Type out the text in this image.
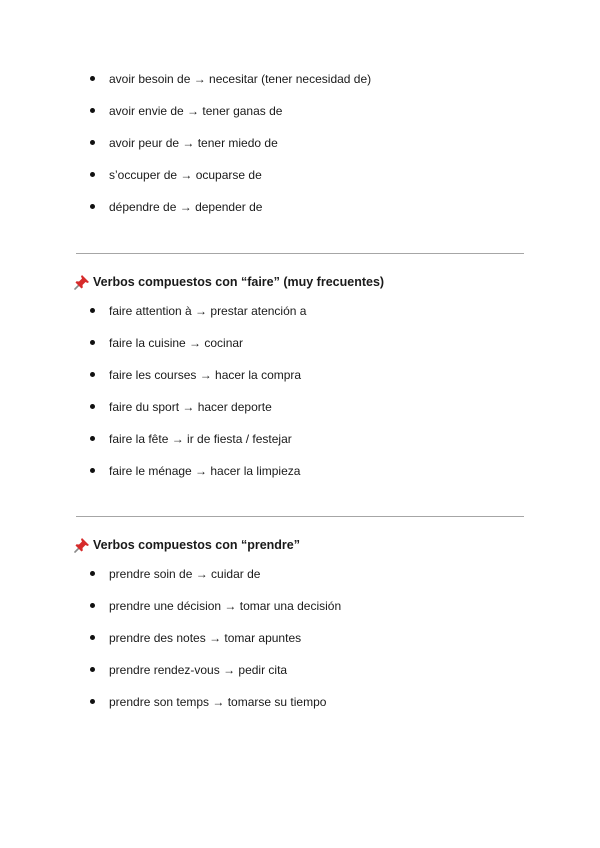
avoir besoin de → necesitar (tener necesidad de)
avoir envie de → tener ganas de
avoir peur de → tener miedo de
s’occuper de → ocuparse de
dépendre de → depender de
Verbos compuestos con “faire” (muy frecuentes)
faire attention à → prestar atención a
faire la cuisine → cocinar
faire les courses → hacer la compra
faire du sport → hacer deporte
faire la fête → ir de fiesta / festejar
faire le ménage → hacer la limpieza
Verbos compuestos con “prendre”
prendre soin de → cuidar de
prendre une décision → tomar una decisión
prendre des notes → tomar apuntes
prendre rendez-vous → pedir cita
prendre son temps → tomarse su tiempo
